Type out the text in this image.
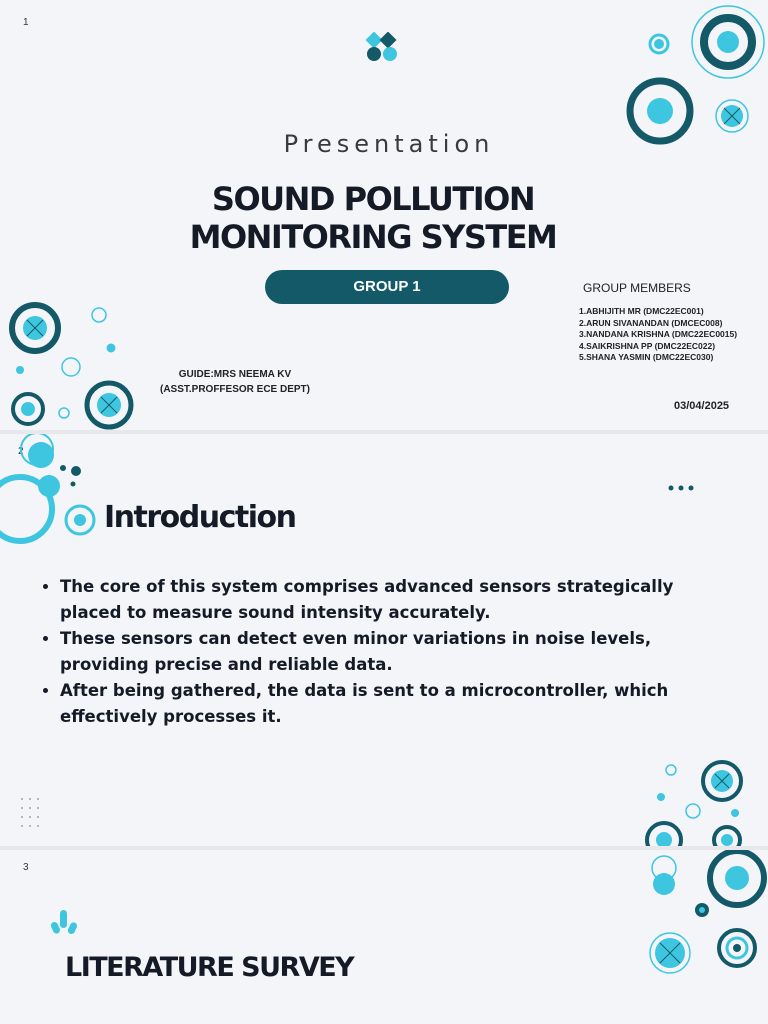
1
Presentation
SOUND POLLUTION
MONITORING SYSTEM
GROUP 1	GROUP MEMBERS
1.ABHIJITH MR (DMC22EC001)
2.ARUN SIVANANDAN (DMCEC008)
3.NANDANA KRISHNA (DMC22EC0015)
4.SAIKRISHNA PP (DMC22EC022)
5.SHANA YASMIN (DMC22EC030)
GUIDE:MRS NEEMA KV
(ASST.PROFFESOR ECE DEPT)
03/04/2025
2
Introduction
• The core of this system comprises advanced sensors strategically placed to measure sound intensity accurately.
• These sensors can detect even minor variations in noise levels, providing precise and reliable data.
• After being gathered, the data is sent to a microcontroller, which effectively processes it.
3
LITERATURE SURVEY
